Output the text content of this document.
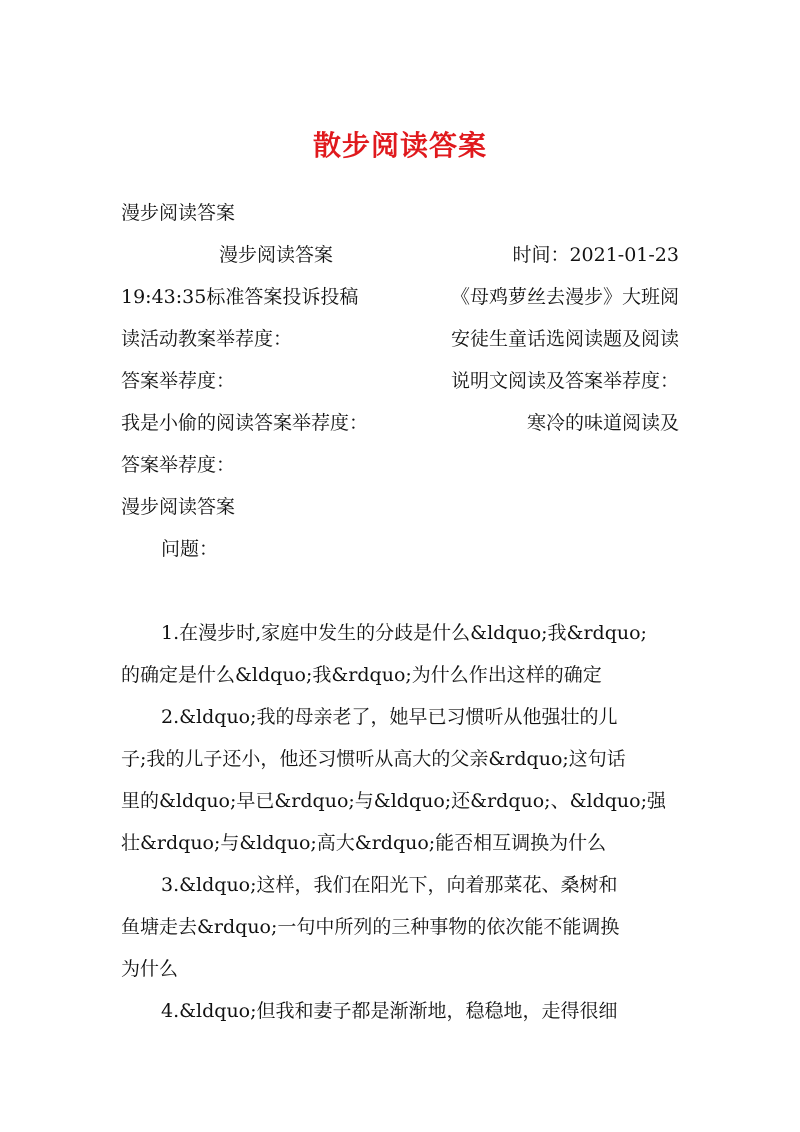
散步阅读答案
漫步阅读答案
漫步阅读答案	时间：2021-01-23
19:43:35标准答案投诉投稿	《母鸡萝丝去漫步》大班阅
读活动教案举荐度：	安徒生童话选阅读题及阅读
答案举荐度：	说明文阅读及答案举荐度：
我是小偷的阅读答案举荐度：	寒冷的味道阅读及
答案举荐度：
漫步阅读答案
问题：
1.在漫步时,家庭中发生的分歧是什么&ldquo;我&rdquo;
的确定是什么&ldquo;我&rdquo;为什么作出这样的确定
2.&ldquo;我的母亲老了，她早已习惯听从他强壮的儿
子;我的儿子还小，他还习惯听从高大的父亲&rdquo;这句话
里的&ldquo;早已&rdquo;与&ldquo;还&rdquo;、&ldquo;强
壮&rdquo;与&ldquo;高大&rdquo;能否相互调换为什么
3.&ldquo;这样，我们在阳光下，向着那菜花、桑树和
鱼塘走去&rdquo;一句中所列的三种事物的依次能不能调换
为什么
4.&ldquo;但我和妻子都是渐渐地，稳稳地，走得很细
